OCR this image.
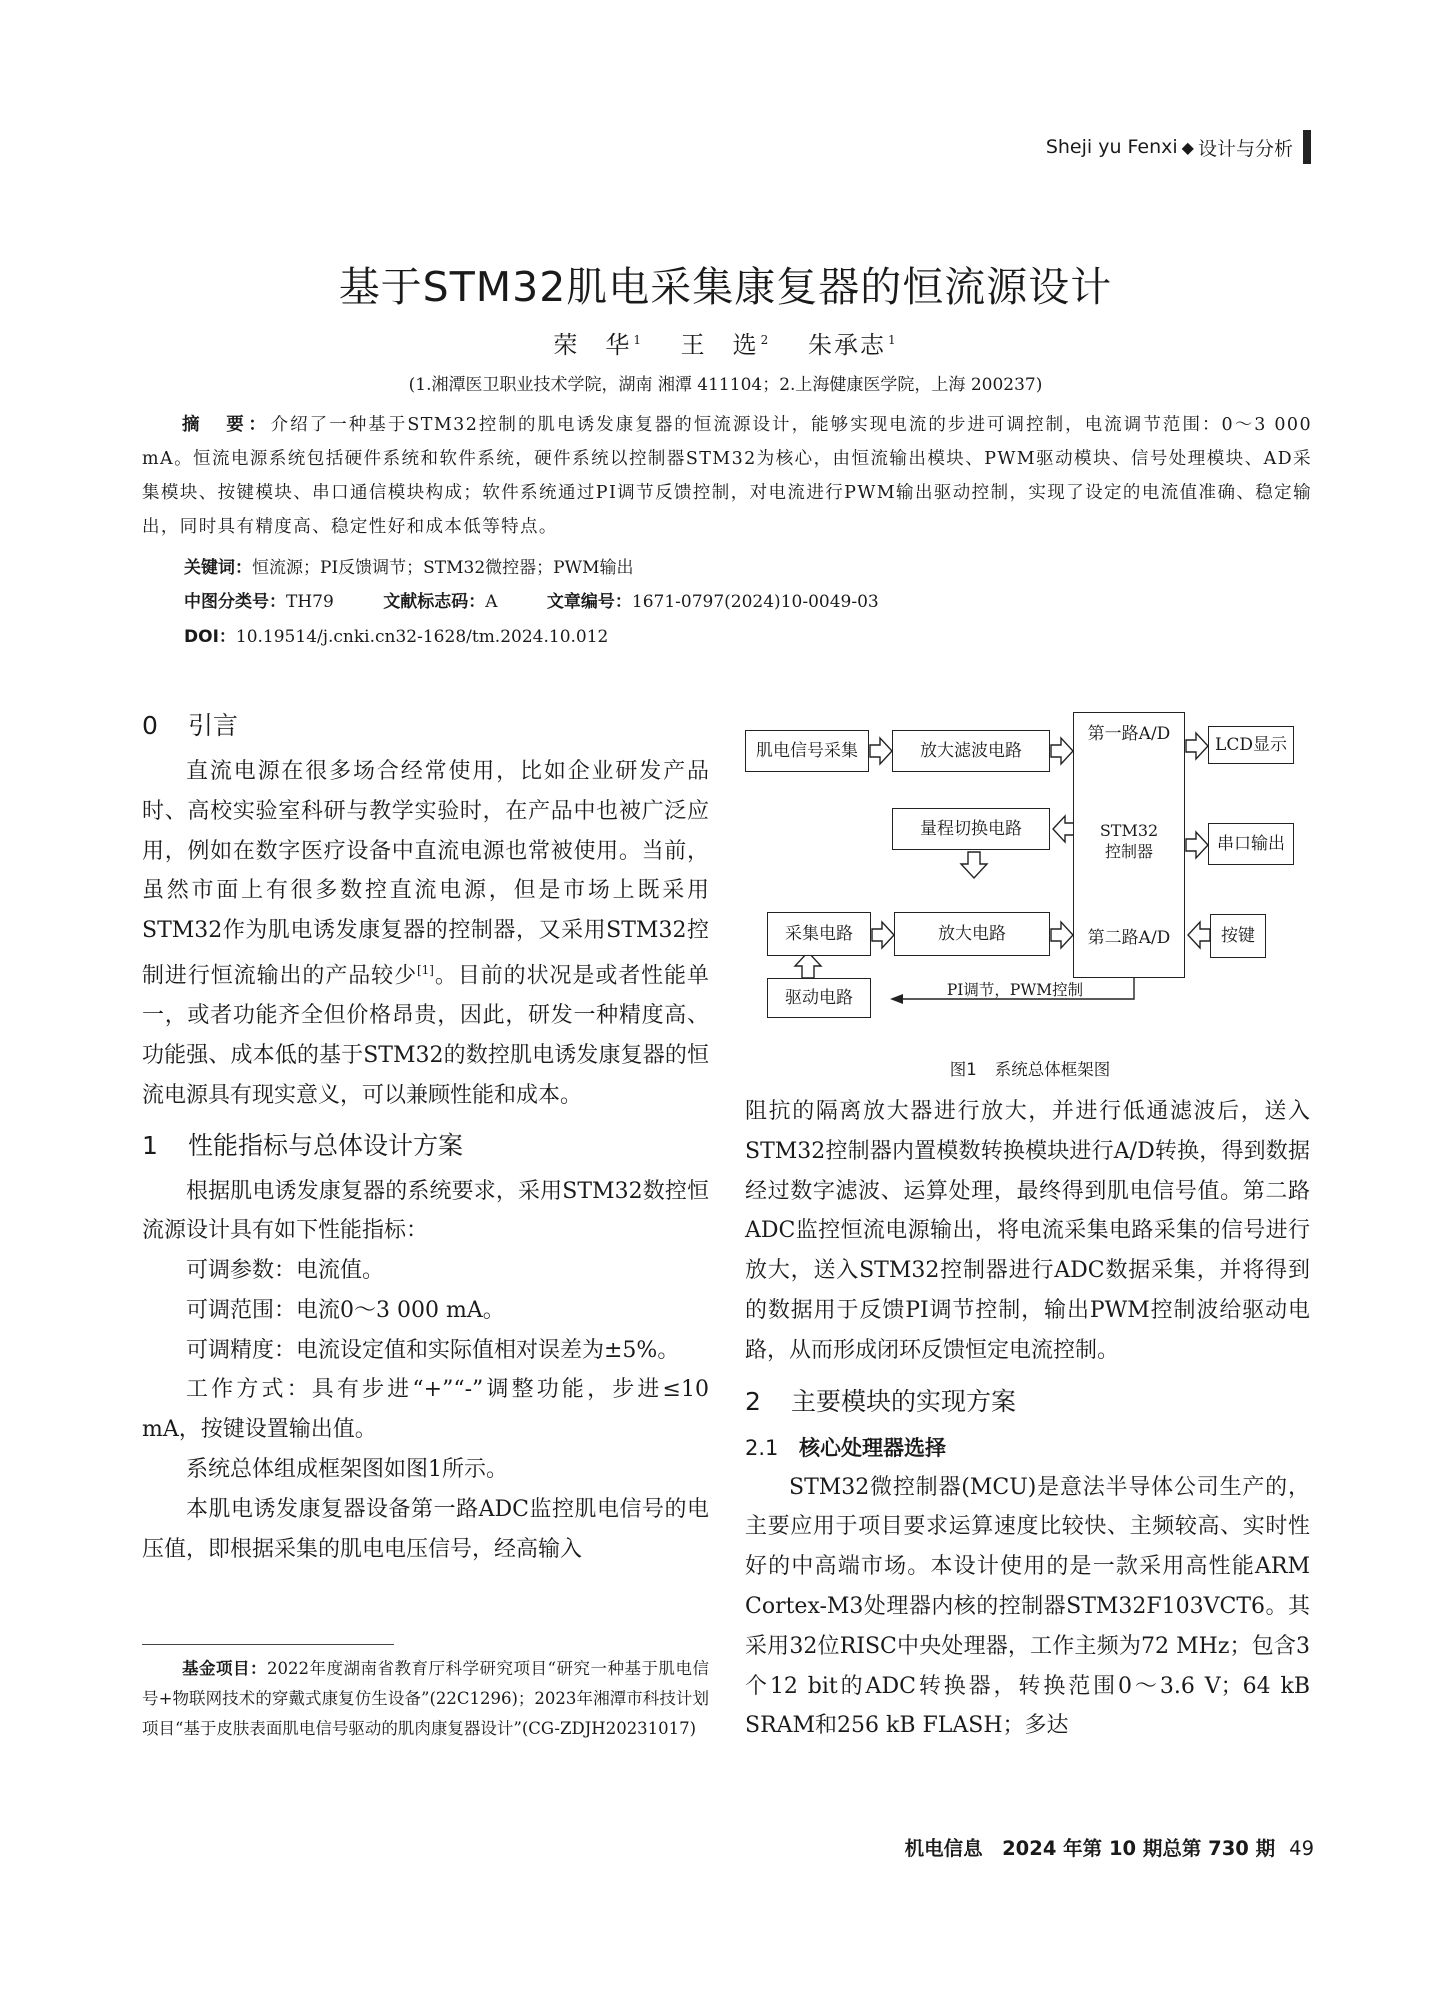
Sheji yu Fenxi ◆ 设计与分析
基于STM32肌电采集康复器的恒流源设计
荣　华 $^1$ 王　选 $^2$ 朱承志 $^1$
(1.湘潭医卫职业技术学院，湖南 湘潭 411104；2.上海健康医学院，上海 200237)
摘　要：介绍了一种基于STM32控制的肌电诱发康复器的恒流源设计，能够实现电流的步进可调控制，电流调节范围：0～3 000 mA。恒流电源系统包括硬件系统和软件系统，硬件系统以控制器STM32为核心，由恒流输出模块、PWM驱动模块、信号处理模块、AD采集模块、按键模块、串口通信模块构成；软件系统通过PI调节反馈控制，对电流进行PWM输出驱动控制，实现了设定的电流值准确、稳定输出，同时具有精度高、稳定性好和成本低等特点。
关键词：恒流源；PI反馈调节；STM32微控器；PWM输出
中图分类号：TH79	文献标志码：A	文章编号：1671-0797(2024)10-0049-03
DOI：10.19514/j.cnki.cn32-1628/tm.2024.10.012
0 引言

直流电源在很多场合经常使用，比如企业研发产品时、高校实验室科研与教学实验时，在产品中也被广泛应用，例如在数字医疗设备中直流电源也常被使用。当前，虽然市面上有很多数控直流电源，但是市场上既采用STM32作为肌电诱发康复器的控制器，又采用STM32控制进行恒流输出的产品较少[1]。目前的状况是或者性能单一，或者功能齐全但价格昂贵，因此，研发一种精度高、功能强、成本低的基于STM32的数控肌电诱发康复器的恒流电源具有现实意义，可以兼顾性能和成本。

1 性能指标与总体设计方案

根据肌电诱发康复器的系统要求，采用STM32数控恒流源设计具有如下性能指标：

可调参数：电流值。

可调范围：电流0～3 000 mA。

可调精度：电流设定值和实际值相对误差为±5%。

工作方式：具有步进“+”“-”调整功能，步进≤10 mA，按键设置输出值。

系统总体组成框架图如图1所示。

本肌电诱发康复器设备第一路ADC监控肌电信号的电压值，即根据采集的肌电电压信号，经高输入

基金项目：2022年度湖南省教育厅科学研究项目“研究一种基于肌电信号+物联网技术的穿戴式康复仿生设备”(22C1296)；2023年湘潭市科技计划项目“基于皮肤表面肌电信号驱动的肌肉康复器设计”(CG-ZDJH20231017)
肌电信号采集	放大滤波电路
第一路A/D
STM32
控制器
第二路A/D
LCD显示
量程切换电路
串口输出
采集电路	放大电路	按键
驱动电路	PI调节，PWM控制
图1 系统总体框架图

阻抗的隔离放大器进行放大，并进行低通滤波后，送入STM32控制器内置模数转换模块进行A/D转换，得到数据经过数字滤波、运算处理，最终得到肌电信号值。第二路ADC监控恒流电源输出，将电流采集电路采集的信号进行放大，送入STM32控制器进行ADC数据采集，并将得到的数据用于反馈PI调节控制，输出PWM控制波给驱动电路，从而形成闭环反馈恒定电流控制。

2 主要模块的实现方案
2.1 核心处理器选择

STM32微控制器(MCU)是意法半导体公司生产的，主要应用于项目要求运算速度比较快、主频较高、实时性好的中高端市场。本设计使用的是一款采用高性能ARM Cortex-M3处理器内核的控制器STM32F103VCT6。其采用32位RISC中央处理器，工作主频为72 MHz；包含3个12 bit的ADC转换器，转换范围0～3.6 V；64 kB SRAM和256 kB FLASH；多达

机电信息　2024 年第 10 期总第 730 期 49
